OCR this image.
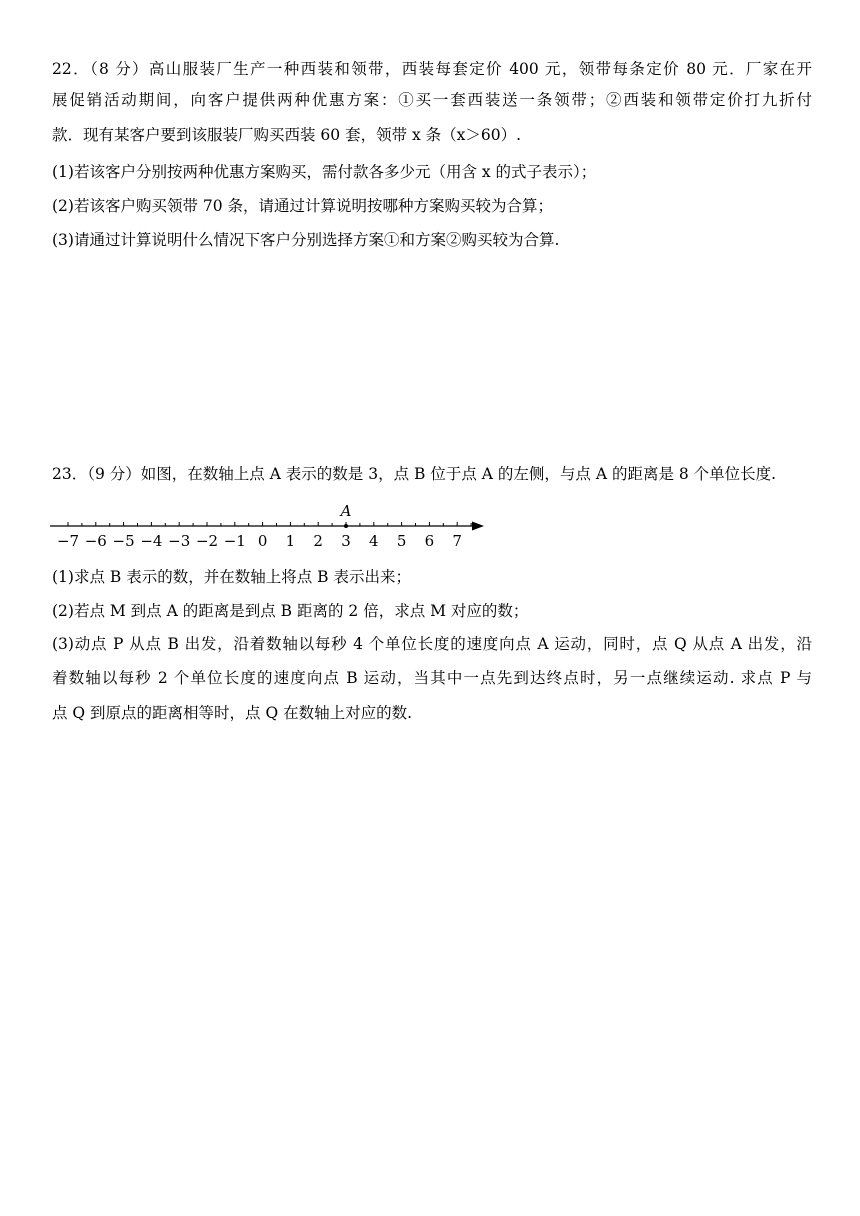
22．（8 分）高山服装厂生产一种西装和领带，西装每套定价 400 元，领带每条定价 80 元．厂家在开
展促销活动期间，向客户提供两种优惠方案：①买一套西装送一条领带；②西装和领带定价打九折付
款．现有某客户要到该服装厂购买西装 60 套，领带 x 条（x＞60）.
(1)若该客户分别按两种优惠方案购买，需付款各多少元（用含 x 的式子表示）；
(2)若该客户购买领带 70 条，请通过计算说明按哪种方案购买较为合算；
(3)请通过计算说明什么情况下客户分别选择方案①和方案②购买较为合算.
23．（9 分）如图，在数轴上点 A 表示的数是 3，点 B 位于点 A 的左侧，与点 A 的距离是 8 个单位长度.
−7 −6 −5 −4 −3 −2 −1 0 1 2 3 4 5 6 7
A
(1)求点 B 表示的数，并在数轴上将点 B 表示出来；
(2)若点 M 到点 A 的距离是到点 B 距离的 2 倍，求点 M 对应的数；
(3)动点 P 从点 B 出发，沿着数轴以每秒 4 个单位长度的速度向点 A 运动，同时，点 Q 从点 A 出发，沿
着数轴以每秒 2 个单位长度的速度向点 B 运动，当其中一点先到达终点时，另一点继续运动. 求点 P 与
点 Q 到原点的距离相等时，点 Q 在数轴上对应的数.
